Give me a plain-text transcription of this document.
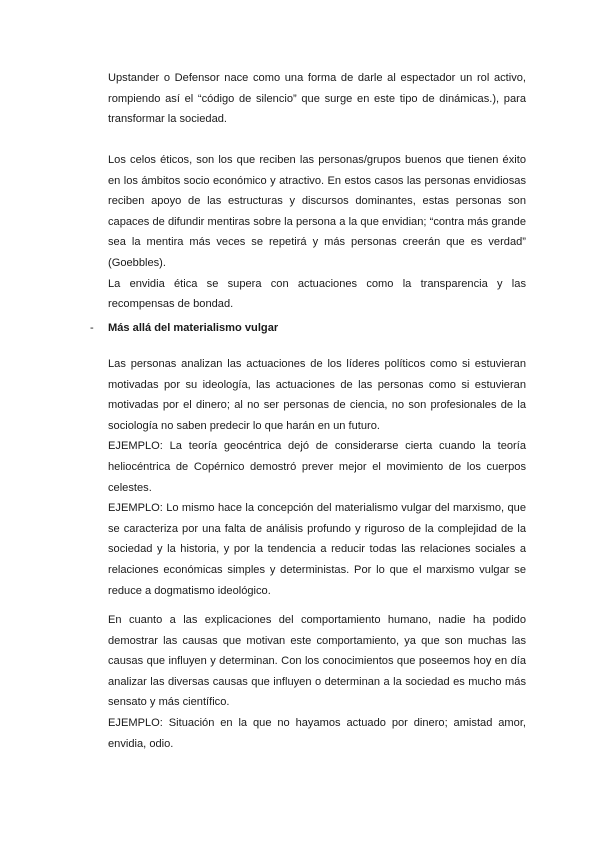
Upstander o Defensor nace como una forma de darle al espectador un rol activo, rompiendo así el “código de silencio” que surge en este tipo de dinámicas.), para transformar la sociedad.

Los celos éticos, son los que reciben las personas/grupos buenos que tienen éxito en los ámbitos socio económico y atractivo. En estos casos las personas envidiosas reciben apoyo de las estructuras y discursos dominantes, estas personas son capaces de difundir mentiras sobre la persona a la que envidian; “contra más grande sea la mentira más veces se repetirá y más personas creerán que es verdad” (Goebbles).

La envidia ética se supera con actuaciones como la transparencia y las recompensas de bondad.

-	Más allá del materialismo vulgar

Las personas analizan las actuaciones de los líderes políticos como si estuvieran motivadas por su ideología, las actuaciones de las personas como si estuvieran motivadas por el dinero; al no ser personas de ciencia, no son profesionales de la sociología no saben predecir lo que harán en un futuro.

EJEMPLO: La teoría geocéntrica dejó de considerarse cierta cuando la teoría heliocéntrica de Copérnico demostró prever mejor el movimiento de los cuerpos celestes.

EJEMPLO: Lo mismo hace la concepción del materialismo vulgar del marxismo, que se caracteriza por una falta de análisis profundo y riguroso de la complejidad de la sociedad y la historia, y por la tendencia a reducir todas las relaciones sociales a relaciones económicas simples y deterministas. Por lo que el marxismo vulgar se reduce a dogmatismo ideológico.

En cuanto a las explicaciones del comportamiento humano, nadie ha podido demostrar las causas que motivan este comportamiento, ya que son muchas las causas que influyen y determinan. Con los conocimientos que poseemos hoy en día analizar las diversas causas que influyen o determinan a la sociedad es mucho más sensato y más científico.

EJEMPLO: Situación en la que no hayamos actuado por dinero; amistad amor, envidia, odio.
